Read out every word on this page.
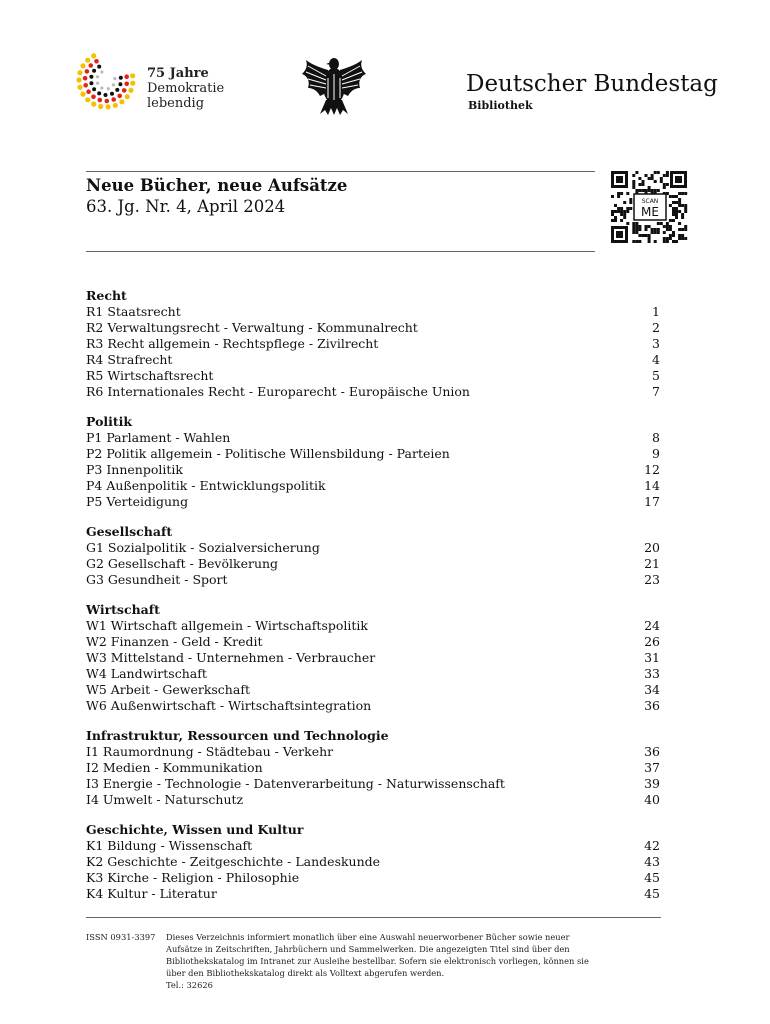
75 Jahre
Demokratie
lebendig
Deutscher Bundestag
Bibliothek
Neue Bücher, neue Aufsätze
63. Jg. Nr. 4, April 2024	SCAN
ME
Recht
R1 Staatsrecht	1
R2 Verwaltungsrecht - Verwaltung - Kommunalrecht	2
R3 Recht allgemein - Rechtspflege - Zivilrecht	3
R4 Strafrecht	4
R5 Wirtschaftsrecht	5
R6 Internationales Recht - Europarecht - Europäische Union	7
Politik
P1 Parlament - Wahlen	8
P2 Politik allgemein - Politische Willensbildung - Parteien	9
P3 Innenpolitik	12
P4 Außenpolitik - Entwicklungspolitik	14
P5 Verteidigung	17
Gesellschaft
G1 Sozialpolitik - Sozialversicherung	20
G2 Gesellschaft - Bevölkerung	21
G3 Gesundheit - Sport	23
Wirtschaft
W1 Wirtschaft allgemein - Wirtschaftspolitik	24
W2 Finanzen - Geld - Kredit	26
W3 Mittelstand - Unternehmen - Verbraucher	31
W4 Landwirtschaft	33
W5 Arbeit - Gewerkschaft	34
W6 Außenwirtschaft - Wirtschaftsintegration	36
Infrastruktur, Ressourcen und Technologie
I1 Raumordnung - Städtebau - Verkehr	36
I2 Medien - Kommunikation	37
I3 Energie - Technologie - Datenverarbeitung - Naturwissenschaft	39
I4 Umwelt - Naturschutz	40
Geschichte, Wissen und Kultur
K1 Bildung - Wissenschaft	42
K2 Geschichte - Zeitgeschichte - Landeskunde	43
K3 Kirche - Religion - Philosophie	45
K4 Kultur - Literatur	45
ISSN 0931-3397 Dieses Verzeichnis informiert monatlich über eine Auswahl neuerworbener Bücher sowie neuer
Aufsätze in Zeitschriften, Jahrbüchern und Sammelwerken. Die angezeigten Titel sind über den
Bibliothekskatalog im Intranet zur Ausleihe bestellbar. Sofern sie elektronisch vorliegen, können sie
über den Bibliothekskatalog direkt als Volltext abgerufen werden.
Tel.: 32626
